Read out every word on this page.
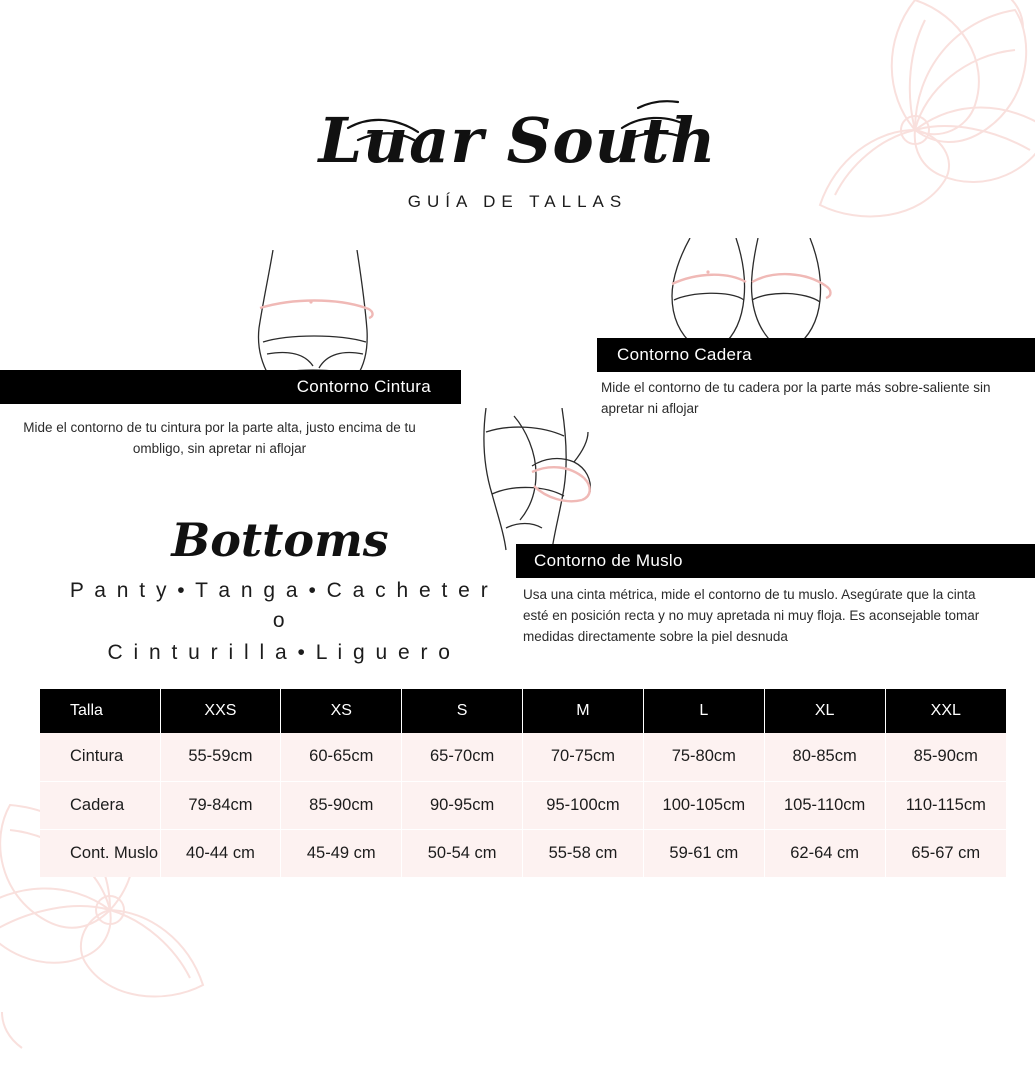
Luar South
GUÍA DE TALLAS
Contorno Cintura
Mide el contorno de tu cintura por la parte alta, justo encima de tu ombligo, sin apretar ni aflojar
Contorno Cadera
Mide el contorno de tu cadera por la parte más sobre-saliente sin apretar ni aflojar
Contorno de Muslo
Usa una cinta métrica, mide el contorno de tu muslo. Asegúrate que la cinta esté en posición recta y no muy apretada ni muy floja. Es aconsejable tomar medidas directamente sobre la piel desnuda
Bottoms
P a n t y • T a n g a • C a c h e t e r o
C i n t u r i l l a • L i g u e r o
Talla	XXS	XS	S	M	L	XL	XXL
Cintura	55-59cm	60-65cm	65-70cm	70-75cm	75-80cm	80-85cm	85-90cm
Cadera	79-84cm	85-90cm	90-95cm	95-100cm	100-105cm	105-110cm	110-115cm
Cont. Muslo	40-44 cm	45-49 cm	50-54 cm	55-58 cm	59-61 cm	62-64 cm	65-67 cm
